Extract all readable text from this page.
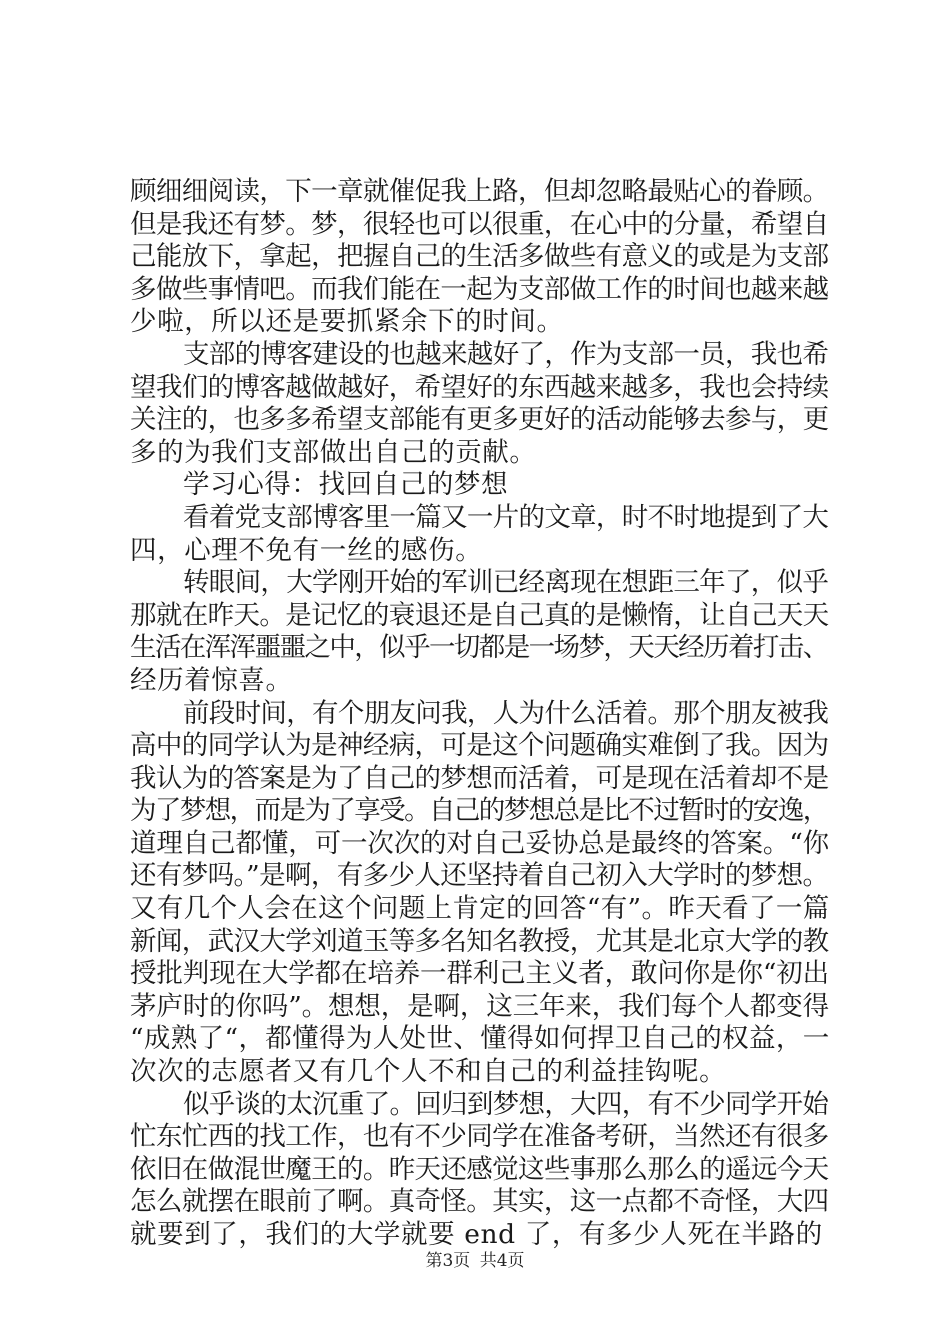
顾细细阅读，下一章就催促我上路，但却忽略最贴心的眷顾。
但是我还有梦。梦，很轻也可以很重，在心中的分量，希望自
己能放下，拿起，把握自己的生活多做些有意义的或是为支部
多做些事情吧。而我们能在一起为支部做工作的时间也越来越
少啦，所以还是要抓紧余下的时间。
支部的博客建设的也越来越好了，作为支部一员，我也希
望我们的博客越做越好，希望好的东西越来越多，我也会持续
关注的，也多多希望支部能有更多更好的活动能够去参与，更
多的为我们支部做出自己的贡献。
学习心得：找回自己的梦想
看着党支部博客里一篇又一片的文章，时不时地提到了大
四，心理不免有一丝的感伤。
转眼间，大学刚开始的军训已经离现在想距三年了，似乎
那就在昨天。是记忆的衰退还是自己真的是懒惰，让自己天天
生活在浑浑噩噩之中，似乎一切都是一场梦，天天经历着打击、
经历着惊喜。
前段时间，有个朋友问我，人为什么活着。那个朋友被我
高中的同学认为是神经病，可是这个问题确实难倒了我。因为
我认为的答案是为了自己的梦想而活着，可是现在活着却不是
为了梦想，而是为了享受。自己的梦想总是比不过暂时的安逸，
道理自己都懂，可一次次的对自己妥协总是最终的答案。“你
还有梦吗。”是啊，有多少人还坚持着自己初入大学时的梦想。
又有几个人会在这个问题上肯定的回答“有”。昨天看了一篇
新闻，武汉大学刘道玉等多名知名教授，尤其是北京大学的教
授批判现在大学都在培养一群利己主义者，敢问你是你“初出
茅庐时的你吗”。想想，是啊，这三年来，我们每个人都变得
“成熟了“，都懂得为人处世、懂得如何捍卫自己的权益，一
次次的志愿者又有几个人不和自己的利益挂钩呢。
似乎谈的太沉重了。回归到梦想，大四，有不少同学开始
忙东忙西的找工作，也有不少同学在准备考研，当然还有很多
依旧在做混世魔王的。昨天还感觉这些事那么那么的遥远今天
怎么就摆在眼前了啊。真奇怪。其实，这一点都不奇怪，大四
就要到了，我们的大学就要 end 了，有多少人死在半路的
第3页 共4页
